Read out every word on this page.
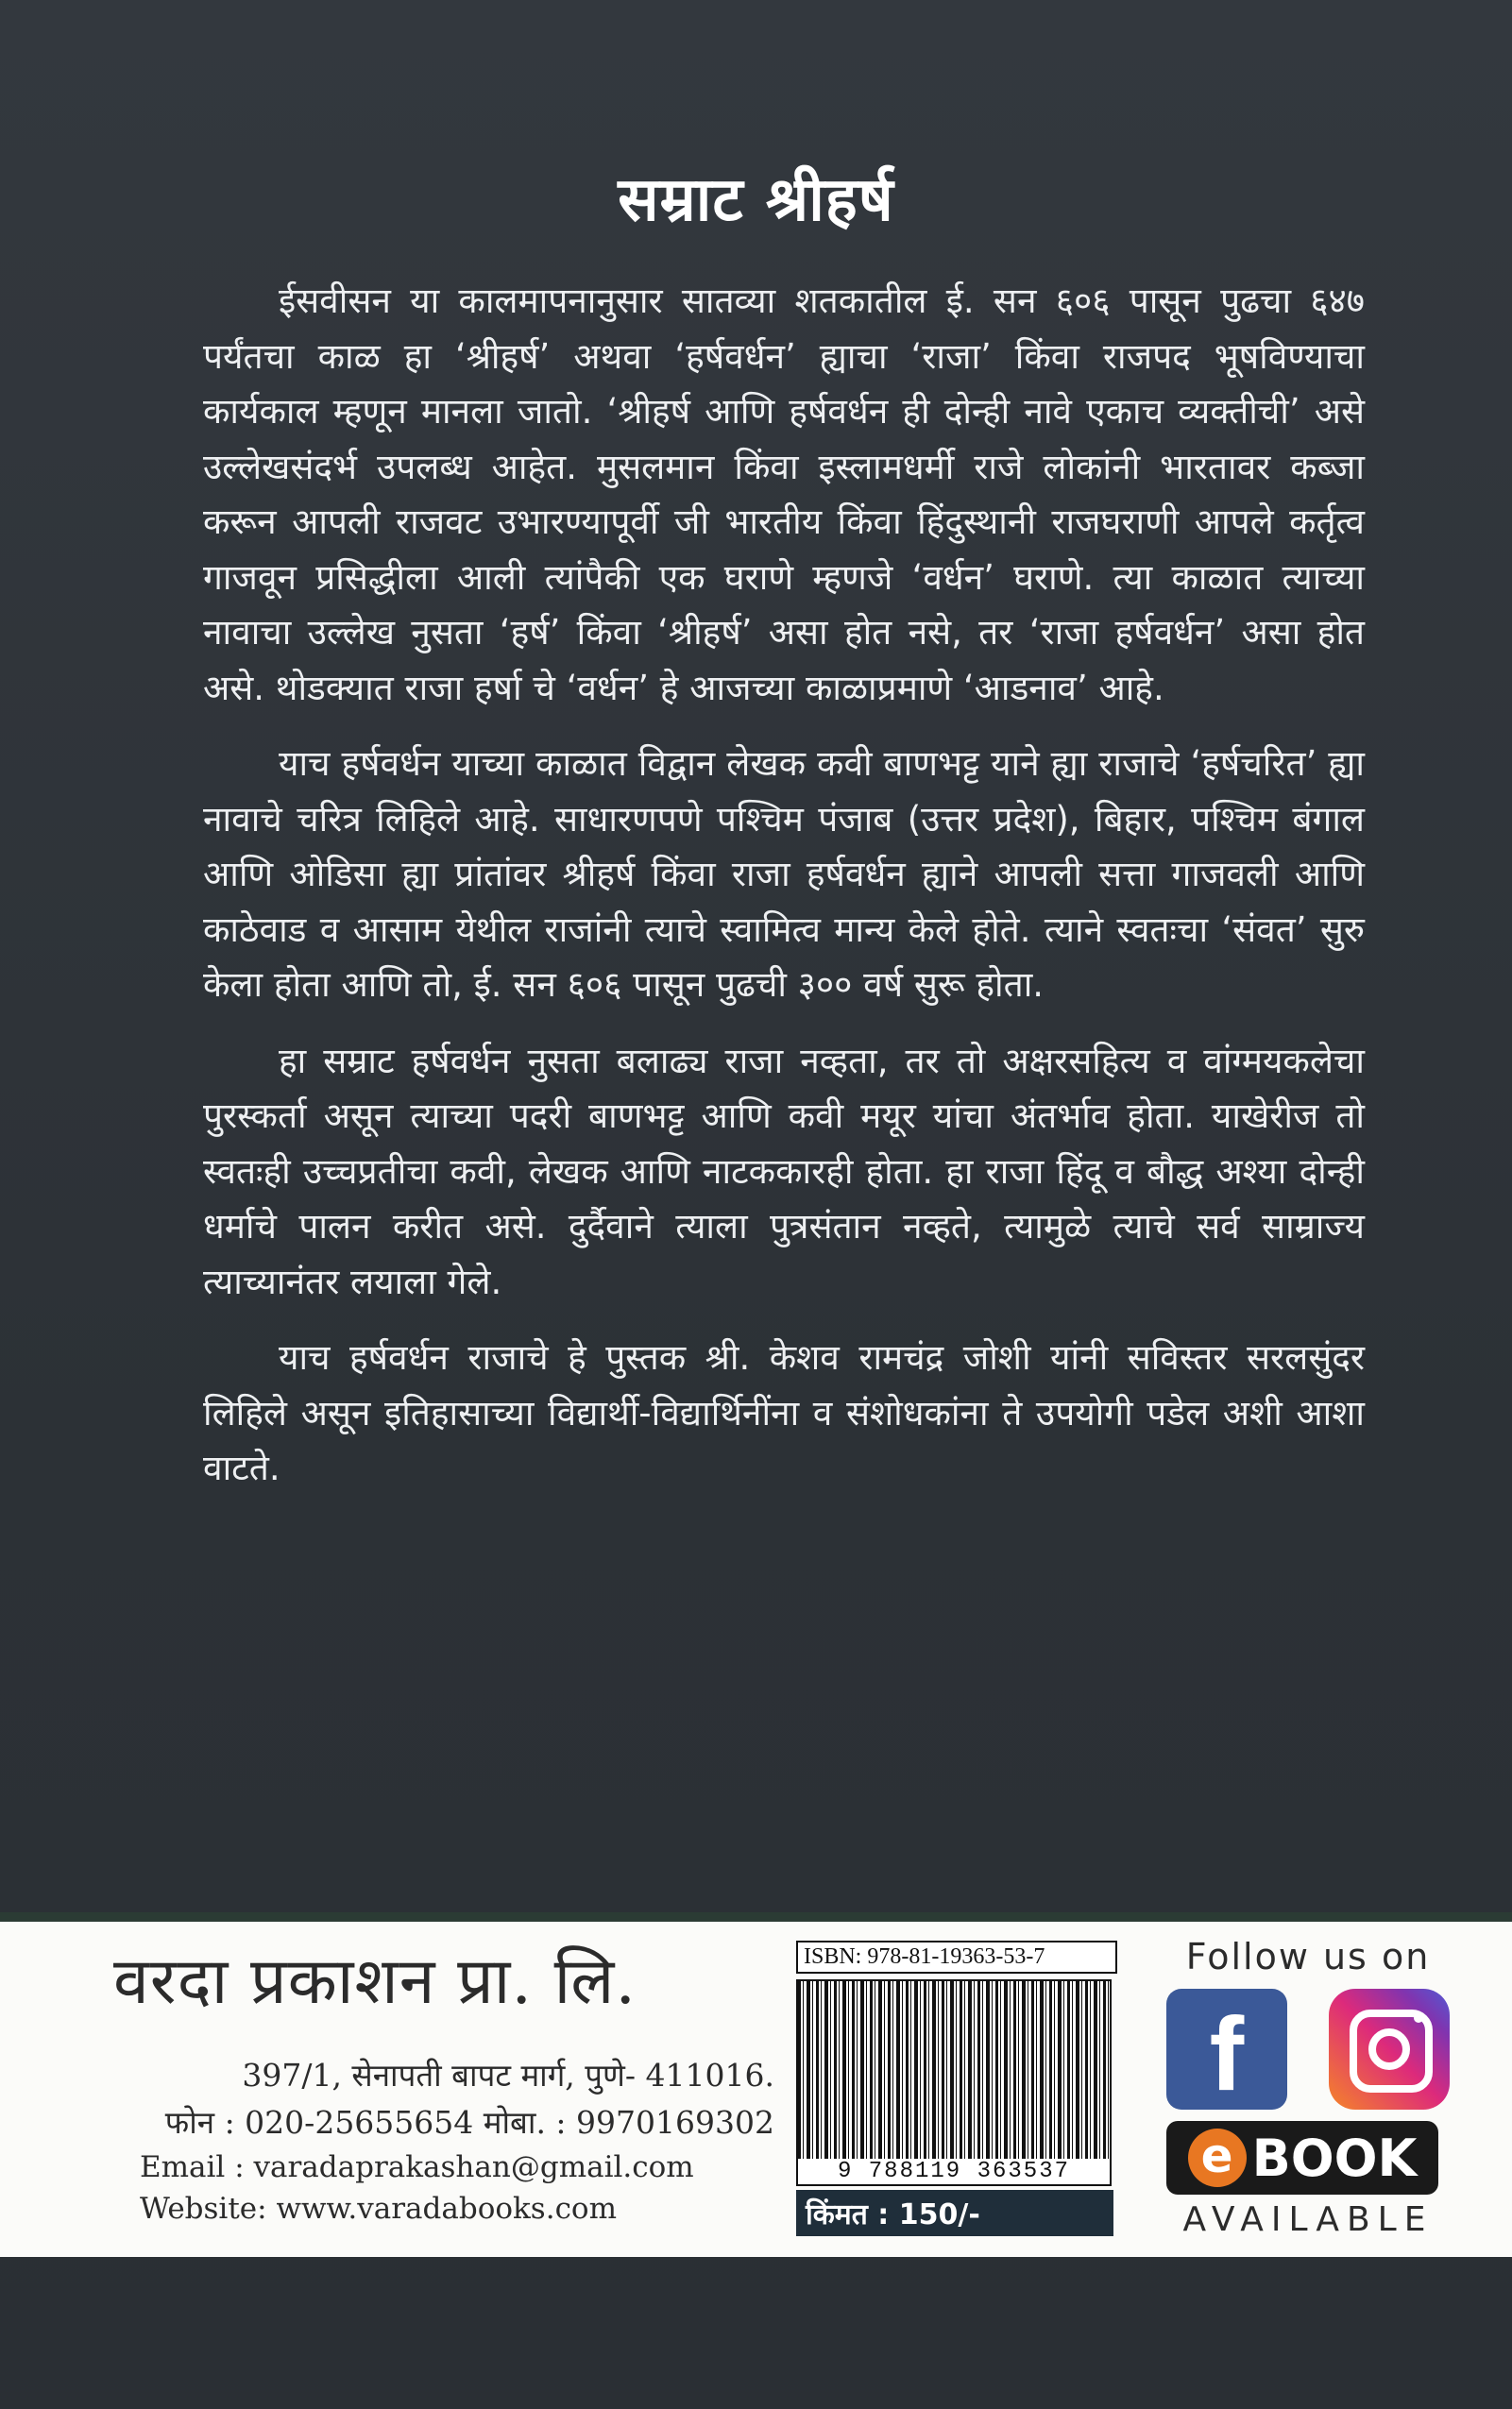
सम्राट श्रीहर्ष

ईसवीसन या कालमापनानुसार सातव्या शतकातील ई. सन ६०६ पासून पुढचा ६४७ पर्यंतचा काळ हा ‘श्रीहर्ष’ अथवा ‘हर्षवर्धन’ ह्याचा ‘राजा’ किंवा राजपद भूषविण्याचा कार्यकाल म्हणून मानला जातो. ‘श्रीहर्ष आणि हर्षवर्धन ही दोन्ही नावे एकाच व्यक्तीची’ असे उल्लेखसंदर्भ उपलब्ध आहेत. मुसलमान किंवा इस्लामधर्मी राजे लोकांनी भारतावर कब्जा करून आपली राजवट उभारण्यापूर्वी जी भारतीय किंवा हिंदुस्थानी राजघराणी आपले कर्तृत्व गाजवून प्रसिद्धीला आली त्यांपैकी एक घराणे म्हणजे ‘वर्धन’ घराणे. त्या काळात त्याच्या नावाचा उल्लेख नुसता ‘हर्ष’ किंवा ‘श्रीहर्ष’ असा होत नसे, तर ‘राजा हर्षवर्धन’ असा होत असे. थोडक्यात राजा हर्षा चे ‘वर्धन’ हे आजच्या काळाप्रमाणे ‘आडनाव’ आहे.

याच हर्षवर्धन याच्या काळात विद्वान लेखक कवी बाणभट्ट याने ह्या राजाचे ‘हर्षचरित’ ह्या नावाचे चरित्र लिहिले आहे. साधारणपणे पश्चिम पंजाब (उत्तर प्रदेश), बिहार, पश्चिम बंगाल आणि ओडिसा ह्या प्रांतांवर श्रीहर्ष किंवा राजा हर्षवर्धन ह्याने आपली सत्ता गाजवली आणि काठेवाड व आसाम येथील राजांनी त्याचे स्वामित्व मान्य केले होते. त्याने स्वतःचा ‘संवत’ सुरु केला होता आणि तो, ई. सन ६०६ पासून पुढची ३०० वर्ष सुरू होता.

हा सम्राट हर्षवर्धन नुसता बलाढ्य राजा नव्हता, तर तो अक्षरसहित्य व वांग्मयकलेचा पुरस्कर्ता असून त्याच्या पदरी बाणभट्ट आणि कवी मयूर यांचा अंतर्भाव होता. याखेरीज तो स्वतःही उच्चप्रतीचा कवी, लेखक आणि नाटककारही होता. हा राजा हिंदू व बौद्ध अश्या दोन्ही धर्माचे पालन करीत असे. दुर्दैवाने त्याला पुत्रसंतान नव्हते, त्यामुळे त्याचे सर्व साम्राज्य त्याच्यानंतर लयाला गेले.

याच हर्षवर्धन राजाचे हे पुस्तक श्री. केशव रामचंद्र जोशी यांनी सविस्तर सरलसुंदर लिहिले असून इतिहासाच्या विद्यार्थी-विद्यार्थिनींना व संशोधकांना ते उपयोगी पडेल अशी आशा वाटते.

वरदा प्रकाशन प्रा. लि.
397/1, सेनापती बापट मार्ग, पुणे- 411016.
फोन : 020-25655654 मोबा. : 9970169302
Email : varadaprakashan@gmail.com
Website: www.varadabooks.com
ISBN: 978-81-19363-53-7
9 788119 363537
किंमत : 150/-
Follow us on
f
e BOOK
AVAILABLE
